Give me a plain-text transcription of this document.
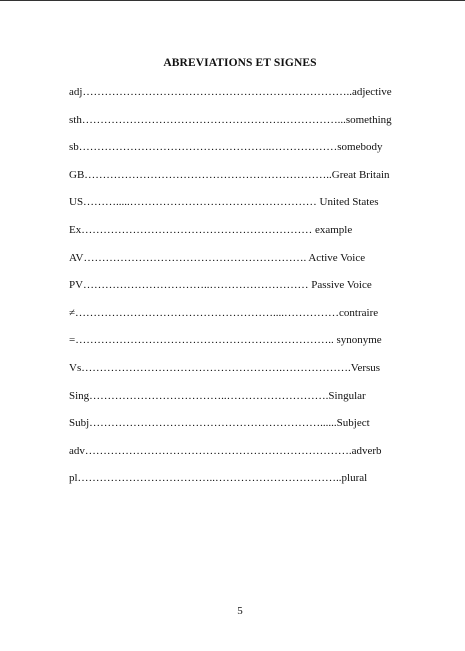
ABREVIATIONS ET SIGNES
adj………………………………………………………………..adjective
sth……………………………………………….……………...something
sb……………………………………………..………………somebody
GB…………………………………………………………..Great Britain
US……….....…………………………………………… United States
Ex……………………………………………………… example
AV……………………………………………………. Active Voice
PV……………………………..……………………… Passive Voice
≠………………………………………………....……………contraire
=…………………………………………………………….. synonyme
Vs……………………………………………….……………….Versus
Sing………………………………..……………………….Singular
Subj………………………………………………………......Subject
adv……………………………………………………………….adverb
pl………………………………..……………………………..plural
5
